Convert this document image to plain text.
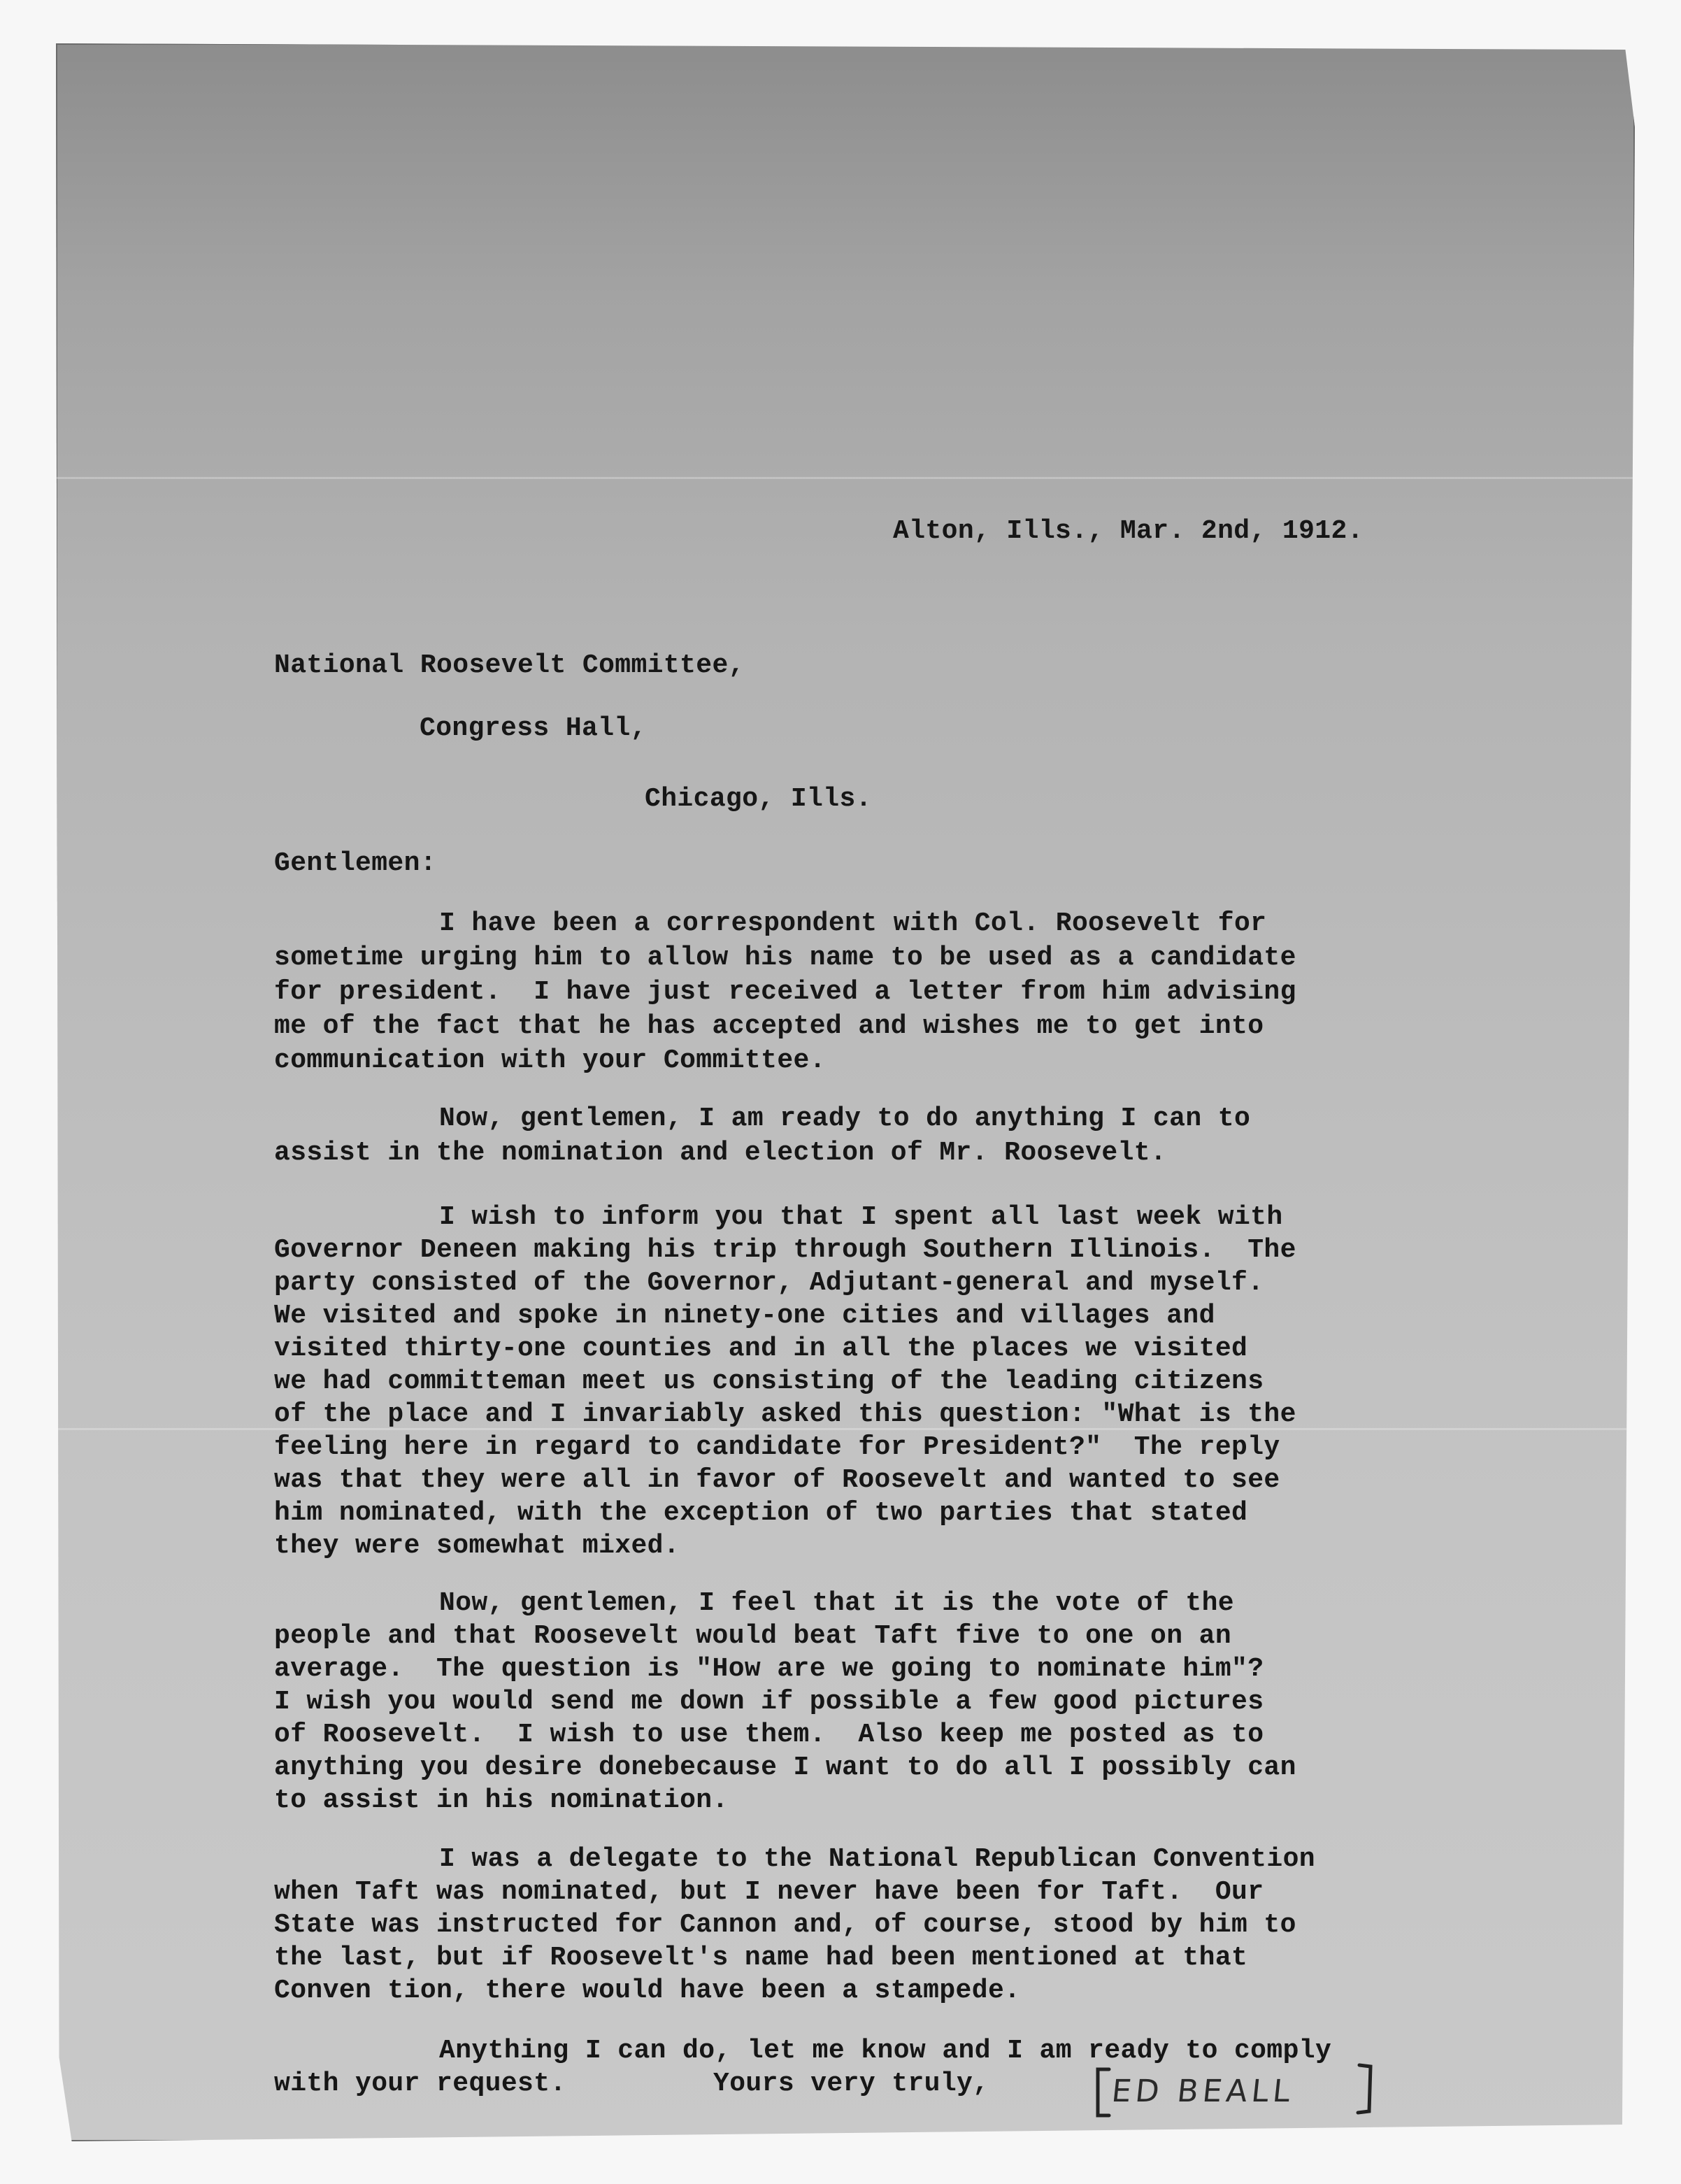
Alton, Ills., Mar. 2nd, 1912.
National Roosevelt Committee,
Congress Hall,
Chicago, Ills.
Gentlemen:
I have been a correspondent with Col. Roosevelt for
sometime urging him to allow his name to be used as a candidate
for president.  I have just received a letter from him advising
me of the fact that he has accepted and wishes me to get into
communication with your Committee.
Now, gentlemen, I am ready to do anything I can to
assist in the nomination and election of Mr. Roosevelt.
I wish to inform you that I spent all last week with
Governor Deneen making his trip through Southern Illinois.  The
party consisted of the Governor, Adjutant-general and myself.
We visited and spoke in ninety-one cities and villages and
visited thirty-one counties and in all the places we visited
we had committeman meet us consisting of the leading citizens
of the place and I invariably asked this question: "What is the
feeling here in regard to candidate for President?"  The reply
was that they were all in favor of Roosevelt and wanted to see
him nominated, with the exception of two parties that stated
they were somewhat mixed.
Now, gentlemen, I feel that it is the vote of the
people and that Roosevelt would beat Taft five to one on an
average.  The question is "How are we going to nominate him"?
I wish you would send me down if possible a few good pictures
of Roosevelt.  I wish to use them.  Also keep me posted as to
anything you desire donebecause I want to do all I possibly can
to assist in his nomination.
I was a delegate to the National Republican Convention
when Taft was nominated, but I never have been for Taft.  Our
State was instructed for Cannon and, of course, stood by him to
the last, but if Roosevelt's name had been mentioned at that
Conven tion, there would have been a stampede.
Anything I can do, let me know and I am ready to comply
with your request.	Yours very truly,	ED BEALL
